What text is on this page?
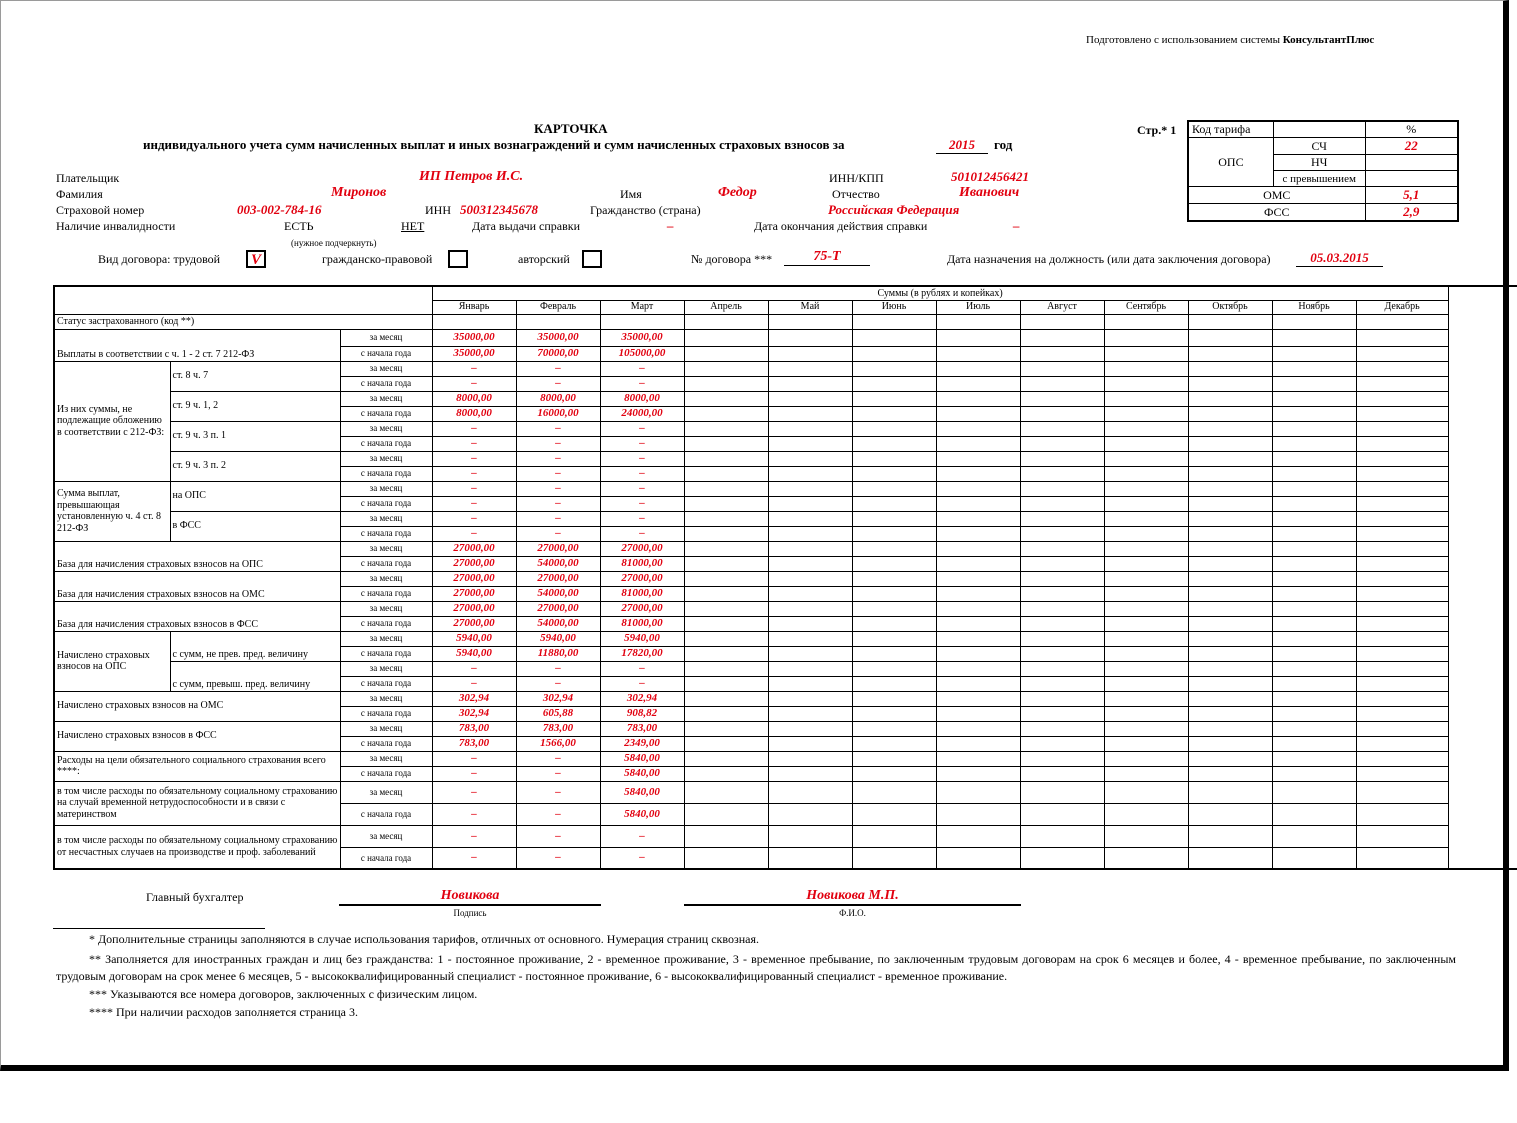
Подготовлено с использованием системы КонсультантПлюс
КАРТОЧКА
индивидуального учета сумм начисленных выплат и иных вознаграждений и сумм начисленных страховых взносов за	2015	год
Стр.* 1 Код тарифа		%
ОПС	СЧ	22
	НЧ	
	с превышением	
ОМС		5,1
ФСС		2,9
Плательщик	ИП Петров И.С.	ИНН/КПП	501012456421
Фамилия	Миронов	Имя	Федор	Отчество	Иванович
Страховой номер	003-002-784-16	ИНН 500312345678	Гражданство (страна)	Российская Федерация
Наличие инвалидности	ЕСТЬ	НЕТ
(нужное подчеркнуть)
Дата выдачи справки	–	Дата окончания действия справки	–
Вид договора: трудовой	V	гражданско-правовой	авторский	№ договора ***	75-Т	Дата назначения на должность (или дата заключения договора)	05.03.2015
			Суммы (в рублях и копейках)											
			Январь	Февраль	Март	Апрель	Май	Июнь	Июль	Август	Сентябрь	Октябрь	Ноябрь	Декабрь
Статус застрахованного (код **)														
Выплаты в соответствии с ч. 1 - 2 ст. 7 212-ФЗ		за месяц	35000,00	35000,00	35000,00									
		с начала года	35000,00	70000,00	105000,00									
Из них суммы, не подлежащие обложению в соответствии с 212-ФЗ:	ст. 8 ч. 7	за месяц	–	–	–									
		с начала года	–	–	–									
	ст. 9 ч. 1, 2	за месяц	8000,00	8000,00	8000,00									
		с начала года	8000,00	16000,00	24000,00									
	ст. 9 ч. 3 п. 1	за месяц	–	–	–									
		с начала года	–	–	–									
	ст. 9 ч. 3 п. 2	за месяц	–	–	–									
		с начала года	–	–	–									
Сумма выплат, превышающая установленную ч. 4 ст. 8 212-ФЗ	на ОПС	за месяц	–	–	–									
		с начала года	–	–	–									
	в ФСС	за месяц	–	–	–									
		с начала года	–	–	–									
База для начисления страховых взносов на ОПС		за месяц	27000,00	27000,00	27000,00									
		с начала года	27000,00	54000,00	81000,00									
База для начисления страховых взносов на ОМС		за месяц	27000,00	27000,00	27000,00									
		с начала года	27000,00	54000,00	81000,00									
База для начисления страховых взносов в ФСС		за месяц	27000,00	27000,00	27000,00									
		с начала года	27000,00	54000,00	81000,00									
Начислено страховых взносов на ОПС	с сумм, не прев. пред. величину	за месяц	5940,00	5940,00	5940,00									
		с начала года	5940,00	11880,00	17820,00									
	с сумм, превыш. пред. величину	за месяц	–	–	–									
		с начала года	–	–	–									
Начислено страховых взносов на ОМС		за месяц	302,94	302,94	302,94									
		с начала года	302,94	605,88	908,82									
Начислено страховых взносов в ФСС		за месяц	783,00	783,00	783,00									
		с начала года	783,00	1566,00	2349,00									
Расходы на цели обязательного социального страхования всего ****:		за месяц	–	–	5840,00									
		с начала года	–	–	5840,00									
в том числе расходы по обязательному социальному страхованию на случай временной нетрудоспособности и в связи с материнством		за месяц	–	–	5840,00									
		с начала года	–	–	5840,00									
в том числе расходы по обязательному социальному страхованию от несчастных случаев на производстве и проф. заболеваний		за месяц	–	–	–									
		с начала года	–	–	–									
Главный бухгалтер	Новикова
Подпись
Новикова М.П.
Ф.И.О.
* Дополнительные страницы заполняются в случае использования тарифов, отличных от основного. Нумерация страниц сквозная.
** Заполняется для иностранных граждан и лиц без гражданства: 1 - постоянное проживание, 2 - временное проживание, 3 - временное пребывание, по заключенным трудовым договорам на срок 6 месяцев и более, 4 - временное пребывание, по заключенным трудовым договорам на срок менее 6 месяцев, 5 - высококвалифицированный специалист - постоянное проживание, 6 - высококвалифицированный специалист - временное проживание.
*** Указываются все номера договоров, заключенных с физическим лицом.
**** При наличии расходов заполняется страница 3.
